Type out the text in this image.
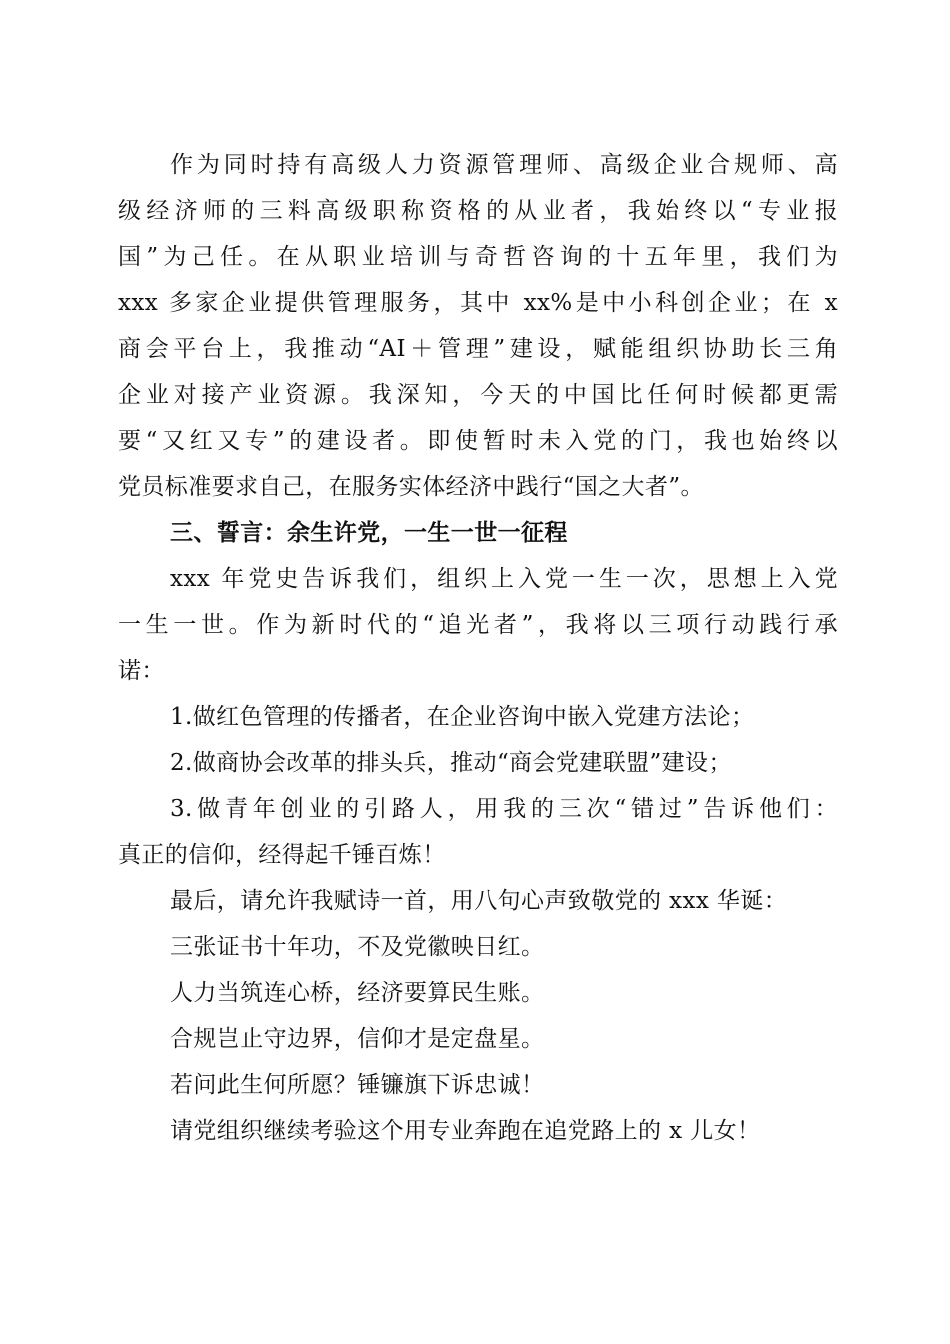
作为同时持有高级人力资源管理师、高级企业合规师、高
级经济师的三料高级职称资格的从业者，我始终以“专业报
国”为己任。在从职业培训与奇哲咨询的十五年里，我们为
xxx 多家企业提供管理服务，其中 xx%是中小科创企业；在 x
商会平台上，我推动“AI＋管理”建设，赋能组织协助长三角
企业对接产业资源。我深知，今天的中国比任何时候都更需
要“又红又专”的建设者。即使暂时未入党的门，我也始终以
党员标准要求自己，在服务实体经济中践行“国之大者”。
三、誓言：余生许党，一生一世一征程
xxx 年党史告诉我们，组织上入党一生一次，思想上入党
一生一世。作为新时代的“追光者”，我将以三项行动践行承
诺：
1.做红色管理的传播者，在企业咨询中嵌入党建方法论；
2.做商协会改革的排头兵，推动“商会党建联盟”建设；
3.做青年创业的引路人，用我的三次“错过”告诉他们：
真正的信仰，经得起千锤百炼！
最后，请允许我赋诗一首，用八句心声致敬党的 xxx 华诞：
三张证书十年功，不及党徽映日红。
人力当筑连心桥，经济要算民生账。
合规岂止守边界，信仰才是定盘星。
若问此生何所愿？锤镰旗下诉忠诚！
请党组织继续考验这个用专业奔跑在追党路上的 x 儿女！
